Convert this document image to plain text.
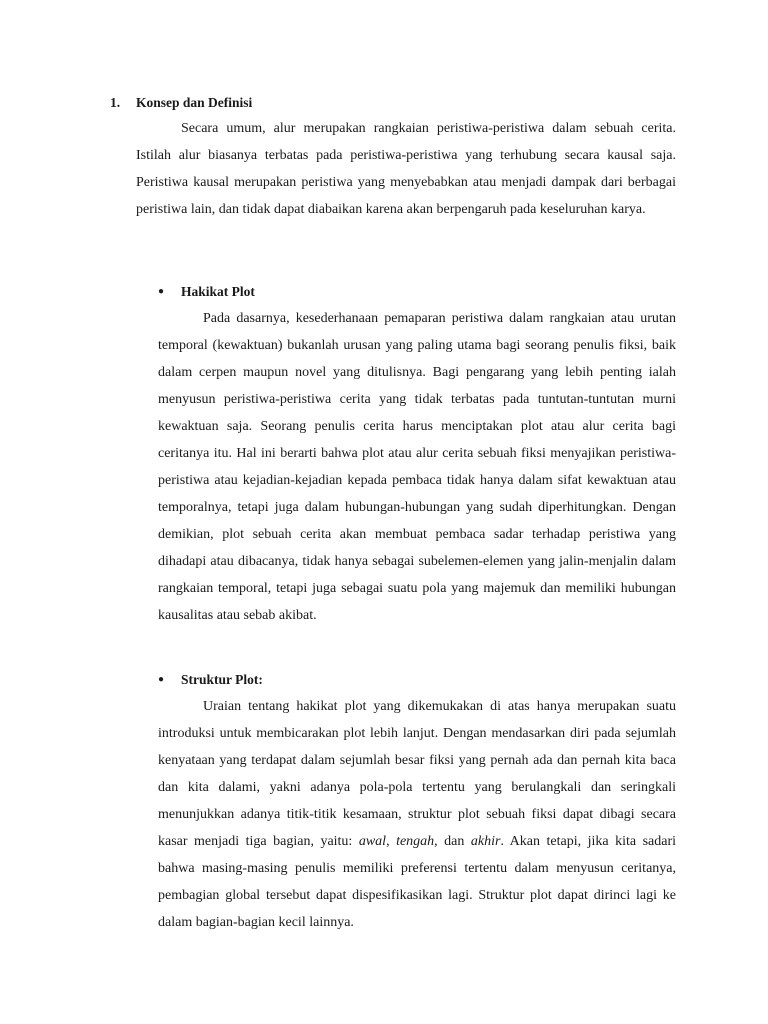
1. Konsep dan Definisi
Secara umum, alur merupakan rangkaian peristiwa-peristiwa dalam sebuah cerita. Istilah alur biasanya terbatas pada peristiwa-peristiwa yang terhubung secara kausal saja. Peristiwa kausal merupakan peristiwa yang menyebabkan atau menjadi dampak dari berbagai peristiwa lain, dan tidak dapat diabaikan karena akan berpengaruh pada keseluruhan karya.
● Hakikat Plot
Pada dasarnya, kesederhanaan pemaparan peristiwa dalam rangkaian atau urutan temporal (kewaktuan) bukanlah urusan yang paling utama bagi seorang penulis fiksi, baik dalam cerpen maupun novel yang ditulisnya. Bagi pengarang yang lebih penting ialah menyusun peristiwa-peristiwa cerita yang tidak terbatas pada tuntutan-tuntutan murni kewaktuan saja. Seorang penulis cerita harus menciptakan plot atau alur cerita bagi ceritanya itu. Hal ini berarti bahwa plot atau alur cerita sebuah fiksi menyajikan peristiwa-peristiwa atau kejadian-kejadian kepada pembaca tidak hanya dalam sifat kewaktuan atau temporalnya, tetapi juga dalam hubungan-hubungan yang sudah diperhitungkan. Dengan demikian, plot sebuah cerita akan membuat pembaca sadar terhadap peristiwa yang dihadapi atau dibacanya, tidak hanya sebagai subelemen-elemen yang jalin-menjalin dalam rangkaian temporal, tetapi juga sebagai suatu pola yang majemuk dan memiliki hubungan kausalitas atau sebab akibat.
● Struktur Plot:
Uraian tentang hakikat plot yang dikemukakan di atas hanya merupakan suatu introduksi untuk membicarakan plot lebih lanjut. Dengan mendasarkan diri pada sejumlah kenyataan yang terdapat dalam sejumlah besar fiksi yang pernah ada dan pernah kita baca dan kita dalami, yakni adanya pola-pola tertentu yang berulangkali dan seringkali menunjukkan adanya titik-titik kesamaan, struktur plot sebuah fiksi dapat dibagi secara kasar menjadi tiga bagian, yaitu: awal, tengah, dan akhir. Akan tetapi, jika kita sadari bahwa masing-masing penulis memiliki preferensi tertentu dalam menyusun ceritanya, pembagian global tersebut dapat dispesifikasikan lagi. Struktur plot dapat dirinci lagi ke dalam bagian-bagian kecil lainnya.
